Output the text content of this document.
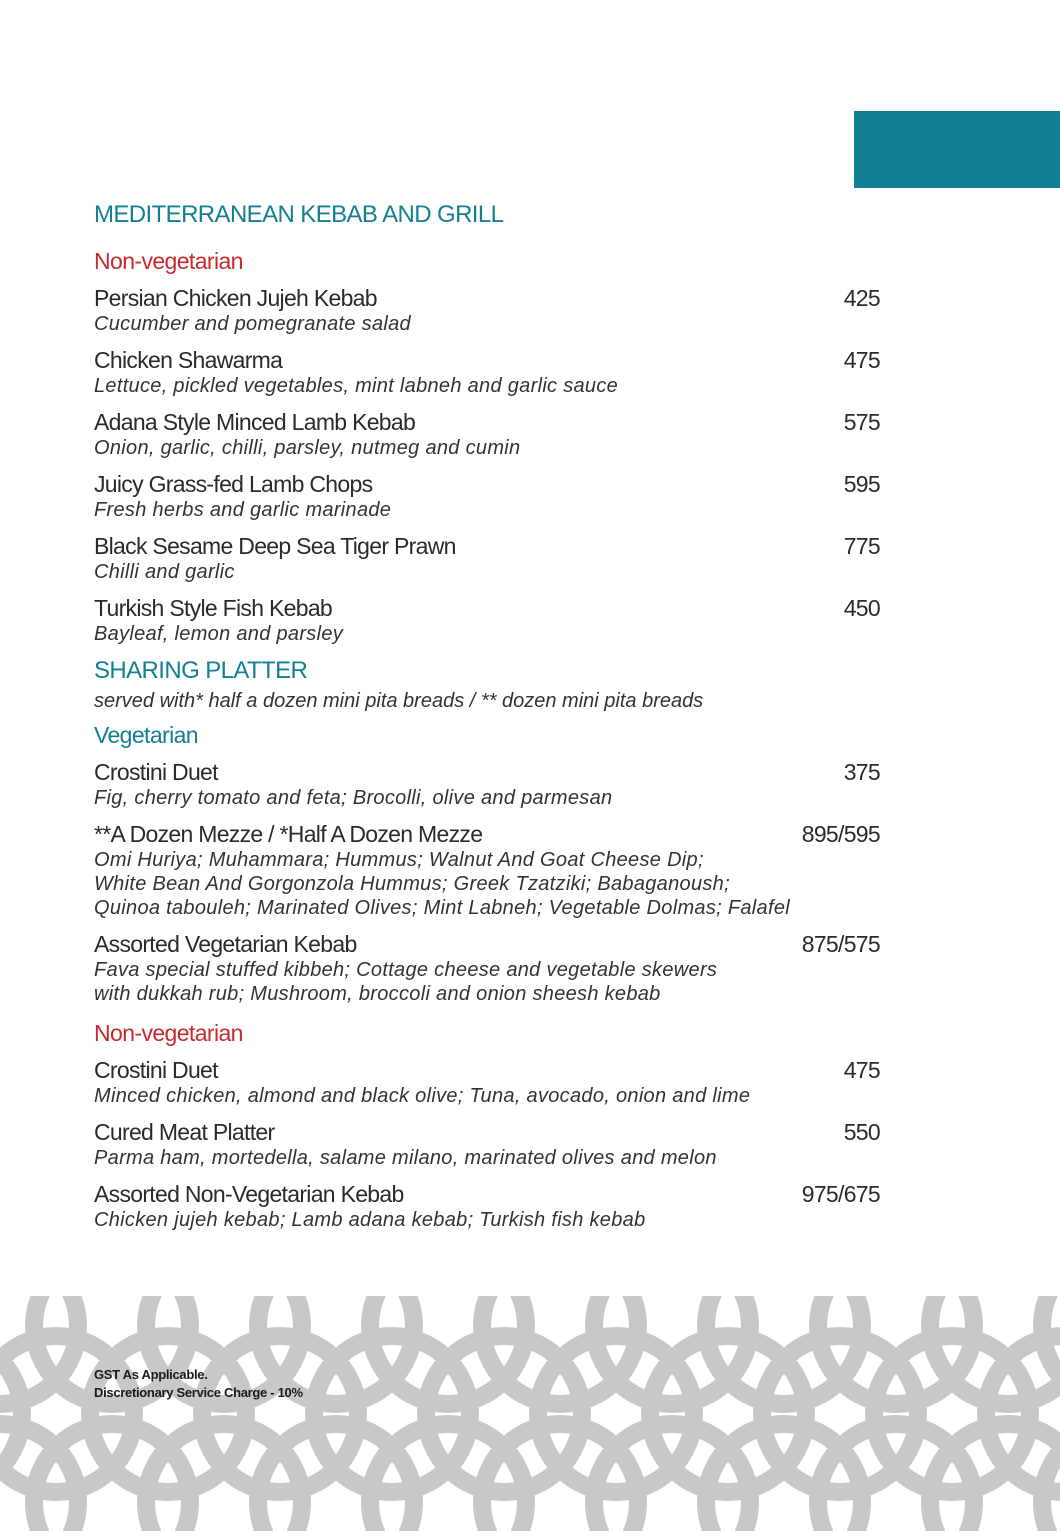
MEDITERRANEAN KEBAB AND GRILL
Non-vegetarian
Persian Chicken Jujeh Kebab	425
Cucumber and pomegranate salad
Chicken Shawarma	475
Lettuce, pickled vegetables, mint labneh and garlic sauce
Adana Style Minced Lamb Kebab	575
Onion, garlic, chilli, parsley, nutmeg and cumin
Juicy Grass-fed Lamb Chops	595
Fresh herbs and garlic marinade
Black Sesame Deep Sea Tiger Prawn	775
Chilli and garlic
Turkish Style Fish Kebab	450
Bayleaf, lemon and parsley
SHARING PLATTER
served with* half a dozen mini pita breads / ** dozen mini pita breads
Vegetarian
Crostini Duet	375
Fig, cherry tomato and feta; Brocolli, olive and parmesan
**A Dozen Mezze / *Half A Dozen Mezze	895/595
Omi Huriya; Muhammara; Hummus; Walnut And Goat Cheese Dip;
White Bean And Gorgonzola Hummus; Greek Tzatziki; Babaganoush;
Quinoa tabouleh; Marinated Olives; Mint Labneh; Vegetable Dolmas; Falafel
Assorted Vegetarian Kebab	875/575
Fava special stuffed kibbeh; Cottage cheese and vegetable skewers
with dukkah rub; Mushroom, broccoli and onion sheesh kebab
Non-vegetarian
Crostini Duet	475
Minced chicken, almond and black olive; Tuna, avocado, onion and lime
Cured Meat Platter	550
Parma ham, mortedella, salame milano, marinated olives and melon
Assorted Non-Vegetarian Kebab	975/675
Chicken jujeh kebab; Lamb adana kebab; Turkish fish kebab
GST As Applicable.
Discretionary Service Charge - 10%
